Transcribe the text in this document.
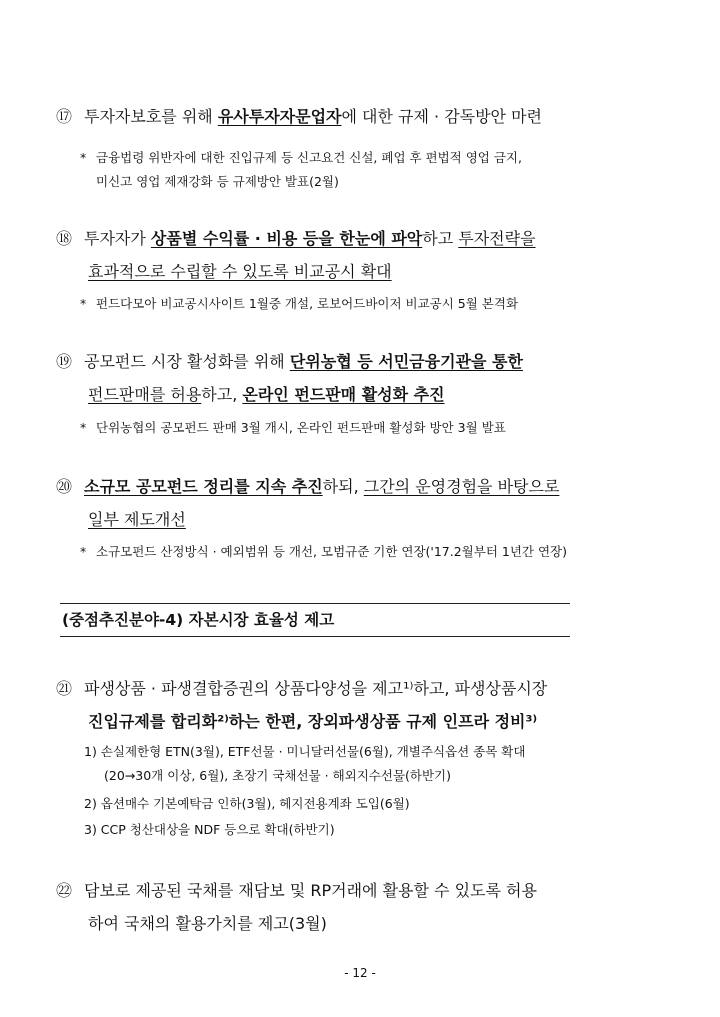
⑰ 투자자보호를 위해 유사투자자문업자에 대한 규제 · 감독방안 마련
* 금융법령 위반자에 대한 진입규제 등 신고요건 신설, 폐업 후 편법적 영업 금지,
미신고 영업 제재강화 등 규제방안 발표(2월)
⑱ 투자자가 상품별 수익률 · 비용 등을 한눈에 파악하고 투자전략을
효과적으로 수립할 수 있도록 비교공시 확대
* 펀드다모아 비교공시사이트 1월중 개설, 로보어드바이저 비교공시 5월 본격화
⑲ 공모펀드 시장 활성화를 위해 단위농협 등 서민금융기관을 통한
펀드판매를 허용하고, 온라인 펀드판매 활성화 추진
* 단위농협의 공모펀드 판매 3월 개시, 온라인 펀드판매 활성화 방안 3월 발표
⑳ 소규모 공모펀드 정리를 지속 추진하되, 그간의 운영경험을 바탕으로
일부 제도개선
* 소규모펀드 산정방식 · 예외범위 등 개선, 모범규준 기한 연장('17.2월부터 1년간 연장)
(중점추진분야-4) 자본시장 효율성 제고
㉑ 파생상품 · 파생결합증권의 상품다양성을 제고¹⁾하고, 파생상품시장
진입규제를 합리화²⁾하는 한편, 장외파생상품 규제 인프라 정비³⁾
1) 손실제한형 ETN(3월), ETF선물 · 미니달러선물(6월), 개별주식옵션 종목 확대
(20→30개 이상, 6월), 초장기 국채선물 · 해외지수선물(하반기)
2) 옵션매수 기본예탁금 인하(3월), 헤지전용계좌 도입(6월)
3) CCP 청산대상을 NDF 등으로 확대(하반기)
㉒ 담보로 제공된 국채를 재담보 및 RP거래에 활용할 수 있도록 허용
하여 국채의 활용가치를 제고(3월)
- 12 -
